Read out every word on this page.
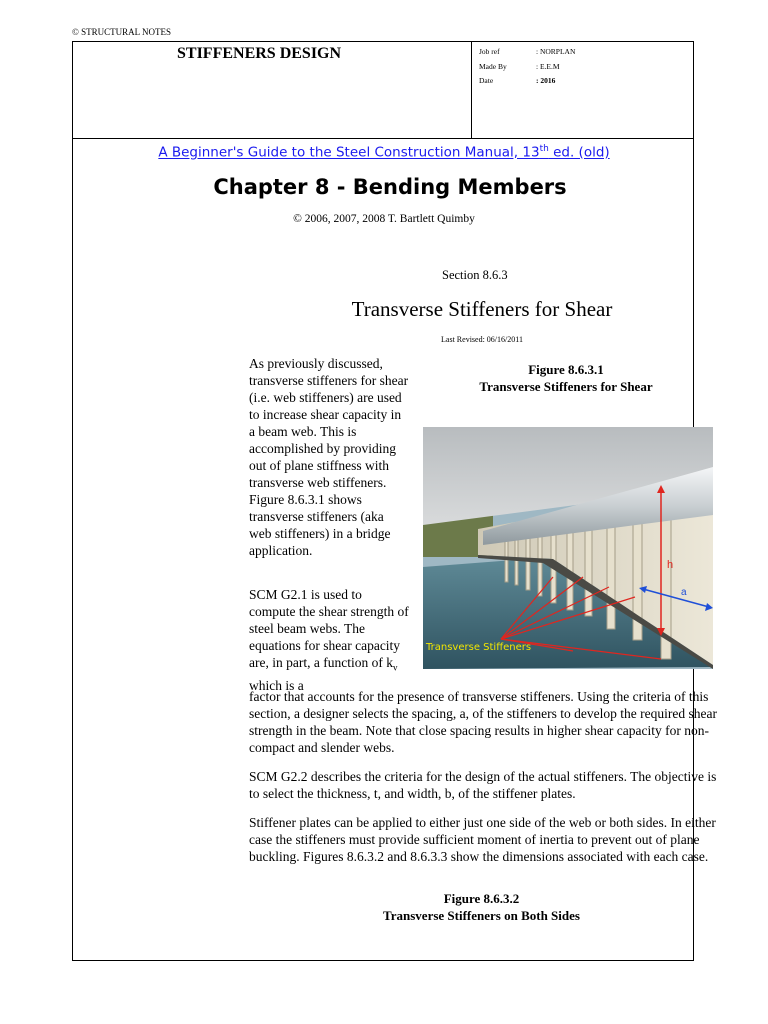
© STRUCTURAL NOTES
STIFFENERS DESIGN	Job ref	: NORPLAN
Made By	: E.E.M
Date	: 2016
A Beginner's Guide to the Steel Construction Manual, 13th ed. (old)
Chapter 8 - Bending Members
© 2006, 2007, 2008 T. Bartlett Quimby
Section 8.6.3
Transverse Stiffeners for Shear
Last Revised: 06/16/2011
As previously discussed, transverse stiffeners for shear (i.e. web stiffeners) are used to increase shear capacity in a beam web. This is accomplished by providing out of plane stiffness with transverse web stiffeners. Figure 8.6.3.1 shows transverse stiffeners (aka web stiffeners) in a bridge application.
Figure 8.6.3.1
Transverse Stiffeners for Shear
h
a
Transverse Stiffeners
SCM G2.1 is used to compute the shear strength of steel beam webs. The equations for shear capacity are, in part, a function of $k_v$ which is a
factor that accounts for the presence of transverse stiffeners. Using the criteria of this section, a designer selects the spacing, a, of the stiffeners to develop the required shear strength in the beam. Note that close spacing results in higher shear capacity for non-compact and slender webs.
SCM G2.2 describes the criteria for the design of the actual stiffeners. The objective is to select the thickness, t, and width, b, of the stiffener plates.
Stiffener plates can be applied to either just one side of the web or both sides. In either case the stiffeners must provide sufficient moment of inertia to prevent out of plane buckling. Figures 8.6.3.2 and 8.6.3.3 show the dimensions associated with each case.
Figure 8.6.3.2
Transverse Stiffeners on Both Sides
